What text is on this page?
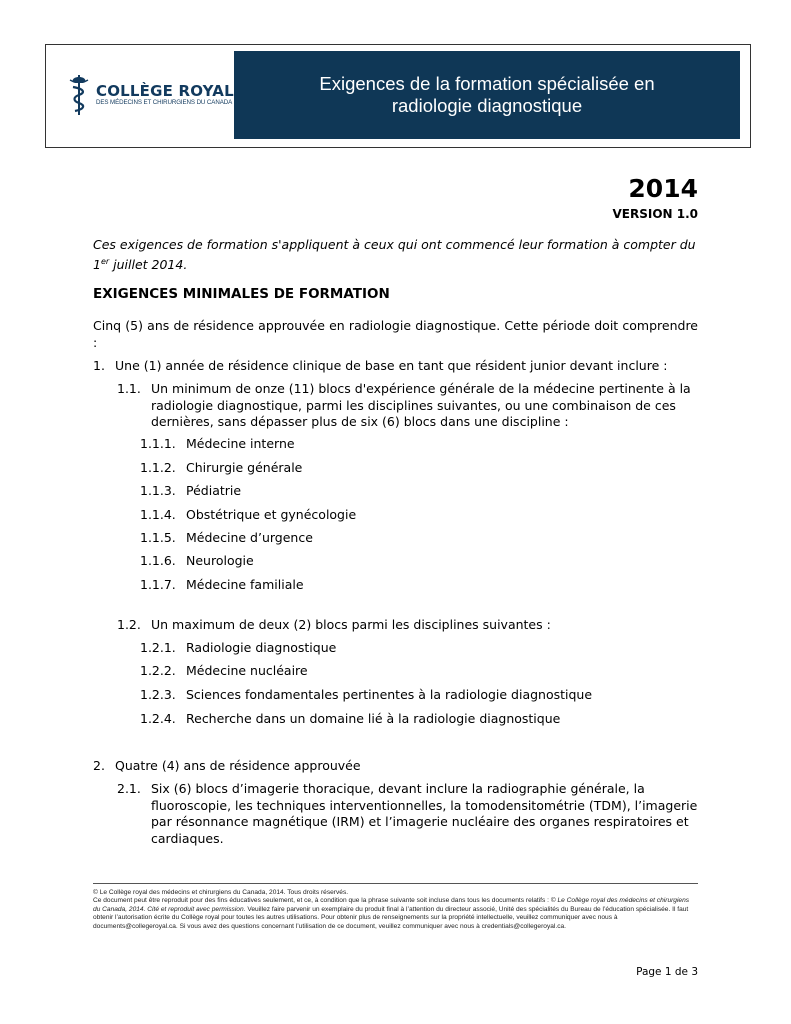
COLLÈGE ROYAL
DES MÉDECINS ET CHIRURGIENS DU CANADA
Exigences de la formation spécialisée en radiologie diagnostique
2014
VERSION 1.0
Ces exigences de formation s'appliquent à ceux qui ont commencé leur formation à compter du 1er juillet 2014.
EXIGENCES MINIMALES DE FORMATION
Cinq (5) ans de résidence approuvée en radiologie diagnostique. Cette période doit comprendre :
1. Une (1) année de résidence clinique de base en tant que résident junior devant inclure :
1.1. Un minimum de onze (11) blocs d'expérience générale de la médecine pertinente à la radiologie diagnostique, parmi les disciplines suivantes, ou une combinaison de ces dernières, sans dépasser plus de six (6) blocs dans une discipline :
1.1.1. Médecine interne
1.1.2. Chirurgie générale
1.1.3. Pédiatrie
1.1.4. Obstétrique et gynécologie
1.1.5. Médecine d’urgence
1.1.6. Neurologie
1.1.7. Médecine familiale
1.2. Un maximum de deux (2) blocs parmi les disciplines suivantes :
1.2.1. Radiologie diagnostique
1.2.2. Médecine nucléaire
1.2.3. Sciences fondamentales pertinentes à la radiologie diagnostique
1.2.4. Recherche dans un domaine lié à la radiologie diagnostique
2. Quatre (4) ans de résidence approuvée
2.1. Six (6) blocs d’imagerie thoracique, devant inclure la radiographie générale, la fluoroscopie, les techniques interventionnelles, la tomodensitométrie (TDM), l’imagerie par résonnance magnétique (IRM) et l’imagerie nucléaire des organes respiratoires et cardiaques.
© Le Collège royal des médecins et chirurgiens du Canada, 2014. Tous droits réservés.
Ce document peut être reproduit pour des fins éducatives seulement, et ce, à condition que la phrase suivante soit incluse dans tous les documents relatifs : © Le Collège royal des médecins et chirurgiens du Canada, 2014. Cité et reproduit avec permission. Veuillez faire parvenir un exemplaire du produit final à l’attention du directeur associé, Unité des spécialités du Bureau de l’éducation spécialisée. Il faut obtenir l’autorisation écrite du Collège royal pour toutes les autres utilisations. Pour obtenir plus de renseignements sur la propriété intellectuelle, veuillez communiquer avec nous à documents@collegeroyal.ca. Si vous avez des questions concernant l’utilisation de ce document, veuillez communiquer avec nous à credentials@collegeroyal.ca.
Page 1 de 3
